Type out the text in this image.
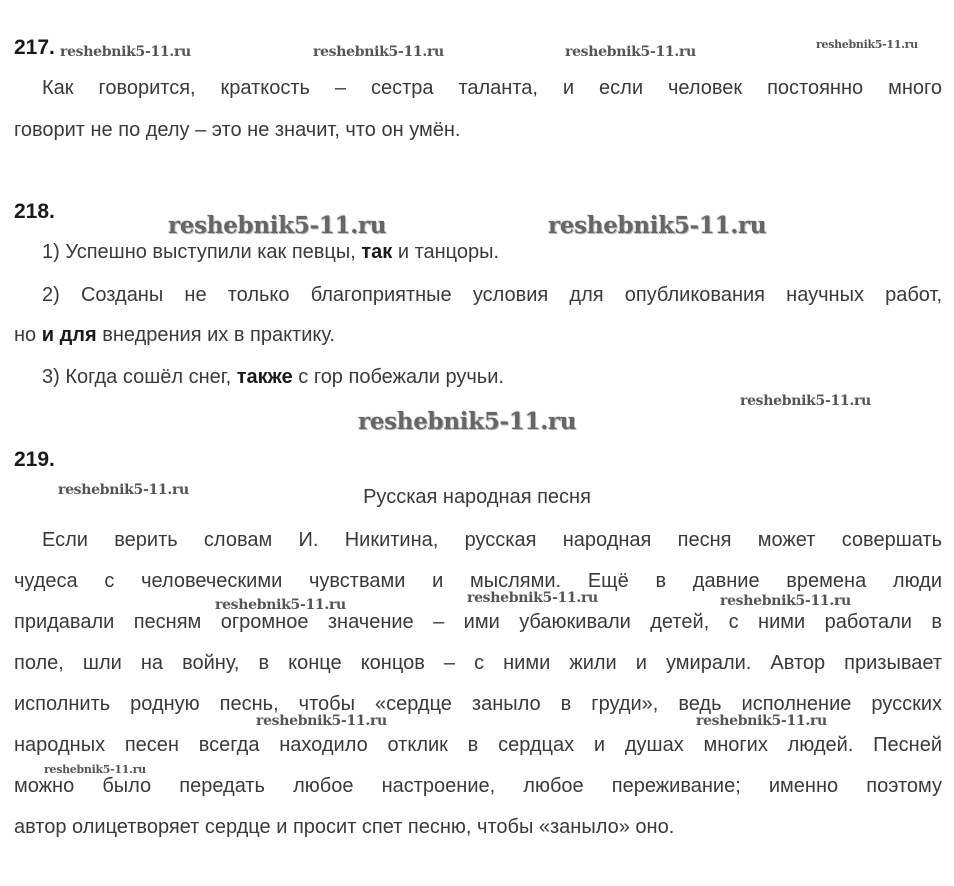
217.
Как говорится, краткость – сестра таланта, и если человек постоянно много
говорит не по делу – это не значит, что он умён.
218.
1) Успешно выступили как певцы, так и танцоры.
2) Созданы не только благоприятные условия для опубликования научных работ,
но и для внедрения их в практику.
3) Когда сошёл снег, также с гор побежали ручьи.
219.
Русская народная песня
Если верить словам И. Никитина, русская народная песня может совершать
чудеса с человеческими чувствами и мыслями. Ещё в давние времена люди
придавали песням огромное значение – ими убаюкивали детей, с ними работали в
поле, шли на войну, в конце концов – с ними жили и умирали. Автор призывает
исполнить родную песнь, чтобы «сердце заныло в груди», ведь исполнение русских
народных песен всегда находило отклик в сердцах и душах многих людей. Песней
можно было передать любое настроение, любое переживание; именно поэтому
автор олицетворяет сердце и просит спет песню, чтобы «заныло» оно.
reshebnik5-11.ru	reshebnik5-11.ru	reshebnik5-11.ru	reshebnik5-11.ru
reshebnik5-11.ru	reshebnik5-11.ru
reshebnik5-11.ru
reshebnik5-11.ru
reshebnik5-11.ru
reshebnik5-11.ru	reshebnik5-11.ru	reshebnik5-11.ru
reshebnik5-11.ru	reshebnik5-11.ru
reshebnik5-11.ru
